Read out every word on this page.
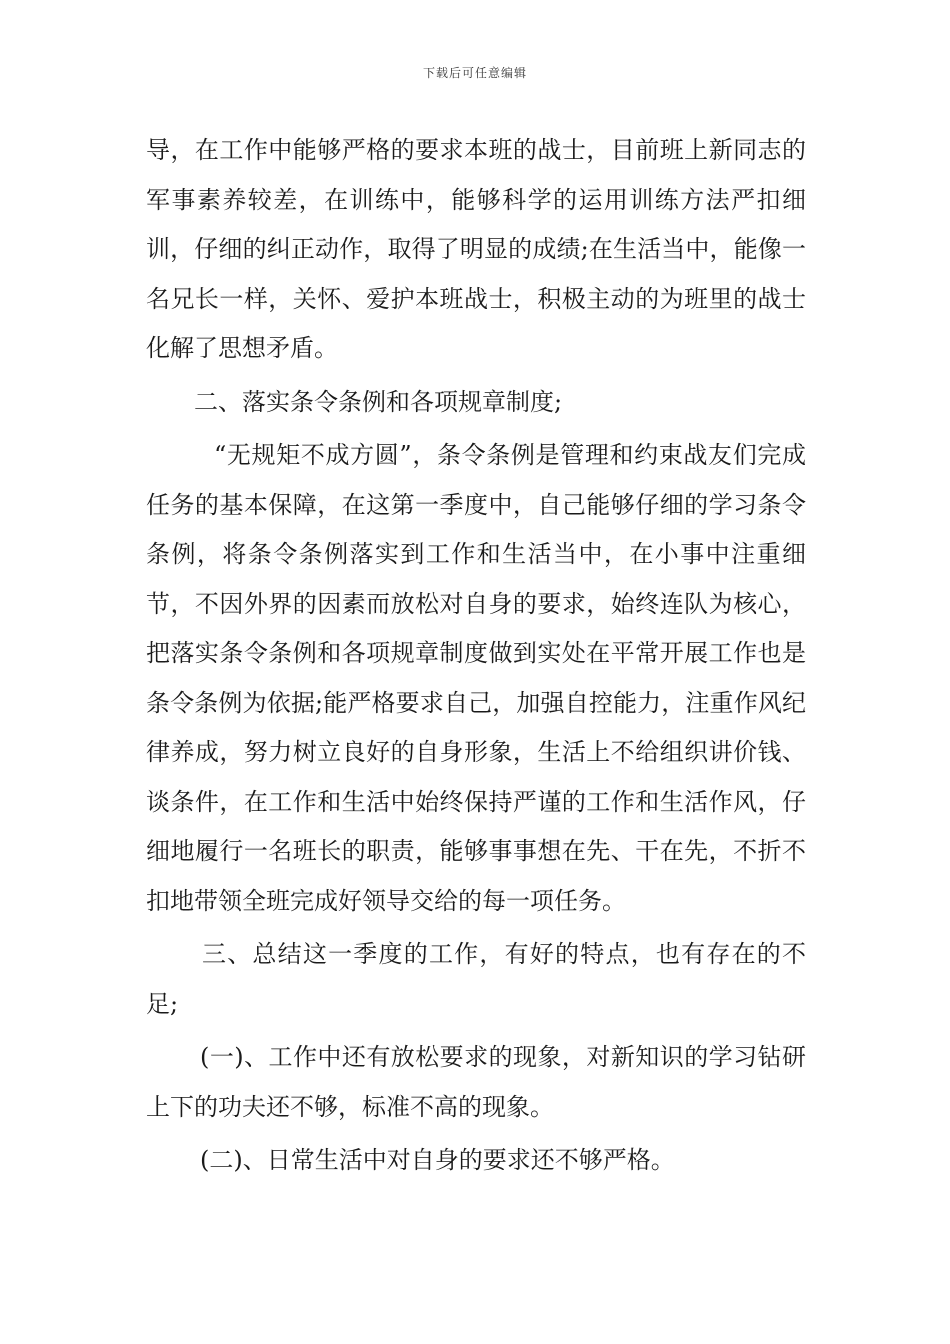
下载后可任意编辑

导，在工作中能够严格的要求本班的战士，目前班上新同志的军事素养较差，在训练中，能够科学的运用训练方法严扣细训，仔细的纠正动作，取得了明显的成绩;在生活当中，能像一名兄长一样，关怀、爱护本班战士，积极主动的为班里的战士化解了思想矛盾。

二、落实条令条例和各项规章制度;

“无规矩不成方圆”，条令条例是管理和约束战友们完成任务的基本保障，在这第一季度中，自己能够仔细的学习条令条例，将条令条例落实到工作和生活当中，在小事中注重细节，不因外界的因素而放松对自身的要求，始终连队为核心，把落实条令条例和各项规章制度做到实处在平常开展工作也是条令条例为依据;能严格要求自己，加强自控能力，注重作风纪律养成，努力树立良好的自身形象，生活上不给组织讲价钱、谈条件，在工作和生活中始终保持严谨的工作和生活作风，仔细地履行一名班长的职责，能够事事想在先、干在先，不折不扣地带领全班完成好领导交给的每一项任务。

三、总结这一季度的工作，有好的特点，也有存在的不足;

(一)、工作中还有放松要求的现象，对新知识的学习钻研上下的功夫还不够，标准不高的现象。

(二)、日常生活中对自身的要求还不够严格。
